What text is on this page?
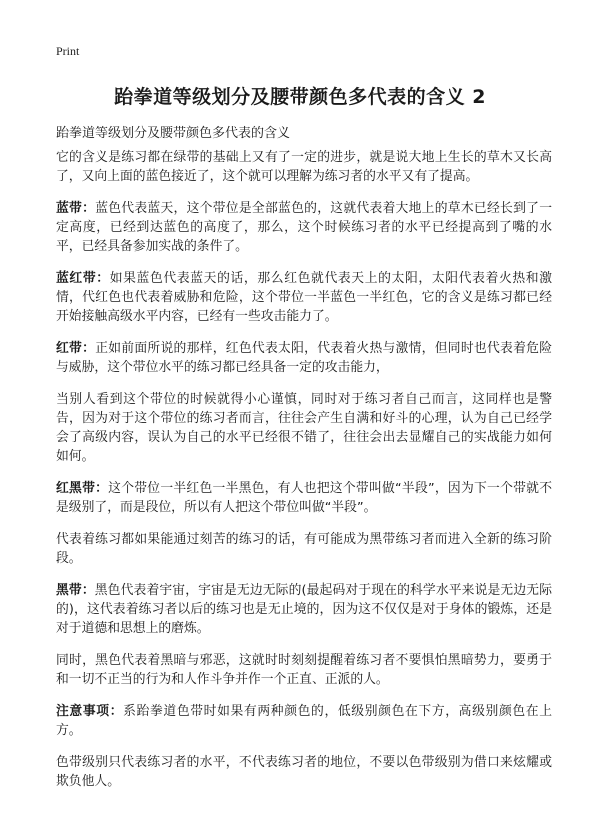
Print
跆拳道等级划分及腰带颜色多代表的含义 2
跆拳道等级划分及腰带颜色多代表的含义

它的含义是练习都在绿带的基础上又有了一定的进步，就是说大地上生长的草木又长高了，又向上面的蓝色接近了，这个就可以理解为练习者的水平又有了提高。

蓝带：蓝色代表蓝天，这个带位是全部蓝色的，这就代表着大地上的草木已经长到了一定高度，已经到达蓝色的高度了，那么，这个时候练习者的水平已经提高到了嘴的水平，已经具备参加实战的条件了。

蓝红带：如果蓝色代表蓝天的话，那么红色就代表天上的太阳，太阳代表着火热和激情，代红色也代表着威胁和危险，这个带位一半蓝色一半红色，它的含义是练习都已经开始接触高级水平内容，已经有一些攻击能力了。

红带：正如前面所说的那样，红色代表太阳，代表着火热与激情，但同时也代表着危险与威胁，这个带位水平的练习都已经具备一定的攻击能力，

当别人看到这个带位的时候就得小心谨慎，同时对于练习者自己而言，这同样也是警告，因为对于这个带位的练习者而言，往往会产生自满和好斗的心理，认为自己已经学会了高级内容，误认为自己的水平已经很不错了，往往会出去显耀自己的实战能力如何如何。

红黑带：这个带位一半红色一半黑色，有人也把这个带叫做“半段”，因为下一个带就不是级别了，而是段位，所以有人把这个带位叫做“半段”。

代表着练习都如果能通过刻苦的练习的话，有可能成为黑带练习者而进入全新的练习阶段。

黑带：黑色代表着宇宙，宇宙是无边无际的(最起码对于现在的科学水平来说是无边无际的)，这代表着练习者以后的练习也是无止境的，因为这不仅仅是对于身体的锻炼，还是对于道德和思想上的磨炼。

同时，黑色代表着黑暗与邪恶，这就时时刻刻提醒着练习者不要惧怕黑暗势力，要勇于和一切不正当的行为和人作斗争并作一个正直、正派的人。

注意事项：系跆拳道色带时如果有两种颜色的，低级别颜色在下方，高级别颜色在上方。

色带级别只代表练习者的水平，不代表练习者的地位，不要以色带级别为借口来炫耀或欺负他人。
